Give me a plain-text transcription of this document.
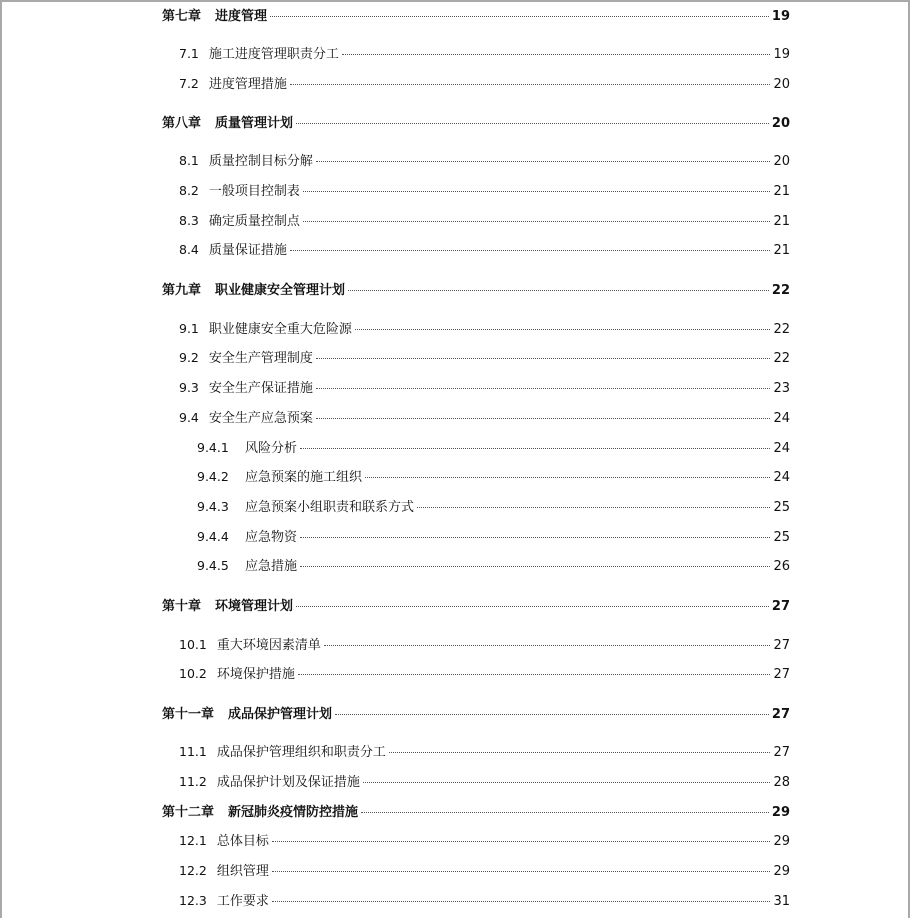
第七章 进度管理	19
7.1 施工进度管理职责分工	19
7.2 进度管理措施	20
第八章 质量管理计划	20
8.1 质量控制目标分解	20
8.2 一般项目控制表	21
8.3 确定质量控制点	21
8.4 质量保证措施	21
第九章 职业健康安全管理计划	22
9.1 职业健康安全重大危险源	22
9.2 安全生产管理制度	22
9.3 安全生产保证措施	23
9.4 安全生产应急预案	24
9.4.1	风险分析	24
9.4.2	应急预案的施工组织	24
9.4.3	应急预案小组职责和联系方式	25
9.4.4	应急物资	25
9.4.5	应急措施	26
第十章 环境管理计划	27
10.1 重大环境因素清单	27
10.2 环境保护措施	27
第十一章 成品保护管理计划	27
11.1 成品保护管理组织和职责分工	27
11.2 成品保护计划及保证措施	28
第十二章 新冠肺炎疫情防控措施	29
12.1 总体目标	29
12.2 组织管理	29
12.3 工作要求	31
